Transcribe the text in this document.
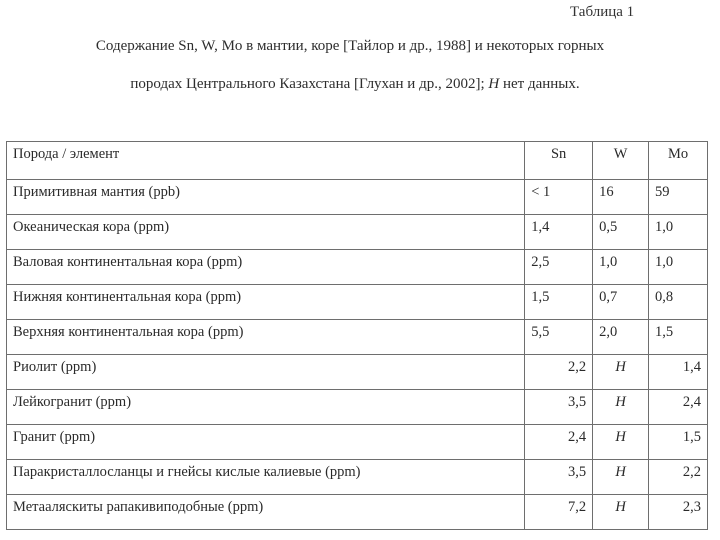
Таблица 1
Содержание Sn, W, Mo в мантии, коре [Тайлор и др., 1988] и некоторых горных
породах Центрального Казахстана [Глухан и др., 2002]; Н нет данных.
Порода / элемент	Sn	W	Mo
Примитивная мантия (ppb)	< 1	16	59
Океаническая кора (ppm)	1,4	0,5	1,0
Валовая континентальная кора (ppm)	2,5	1,0	1,0
Нижняя континентальная кора (ppm)	1,5	0,7	0,8
Верхняя континентальная кора (ppm)	5,5	2,0	1,5
Риолит (ppm)	2,2	Н	1,4
Лейкогранит (ppm)	3,5	Н	2,4
Гранит (ppm)	2,4	Н	1,5
Паракристаллосланцы и гнейсы кислые калиевые (ppm)	3,5	Н	2,2
Метааляскиты рапакивиподобные (ppm)	7,2	Н	2,3
